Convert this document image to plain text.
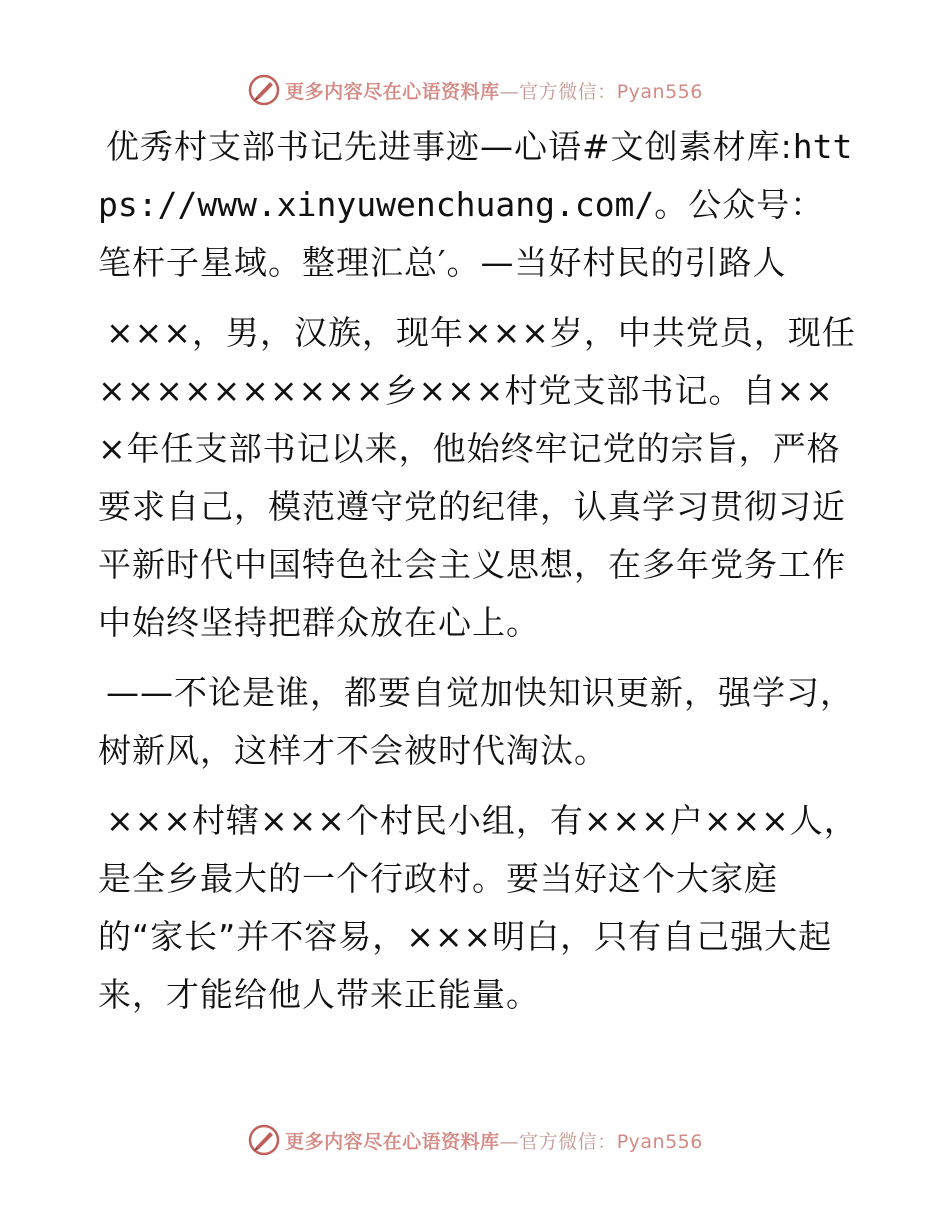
更多内容尽在心语资料库—官方微信：Pyan556

优秀村支部书记先进事迹—心语#文创素材库:https://www.xinyuwenchuang.com/。公众号：笔杆子星域。整理汇总′。—当好村民的引路人

×××，男，汉族，现年×××岁，中共党员，现任××××××××××乡×××村党支部书记。自×××年任支部书记以来，他始终牢记党的宗旨，严格要求自己，模范遵守党的纪律，认真学习贯彻习近平新时代中国特色社会主义思想，在多年党务工作中始终坚持把群众放在心上。

——不论是谁，都要自觉加快知识更新，强学习，树新风，这样才不会被时代淘汰。

×××村辖×××个村民小组，有×××户×××人，是全乡最大的一个行政村。要当好这个大家庭的“家长”并不容易，×××明白，只有自己强大起来，才能给他人带来正能量。

更多内容尽在心语资料库—官方微信：Pyan556
